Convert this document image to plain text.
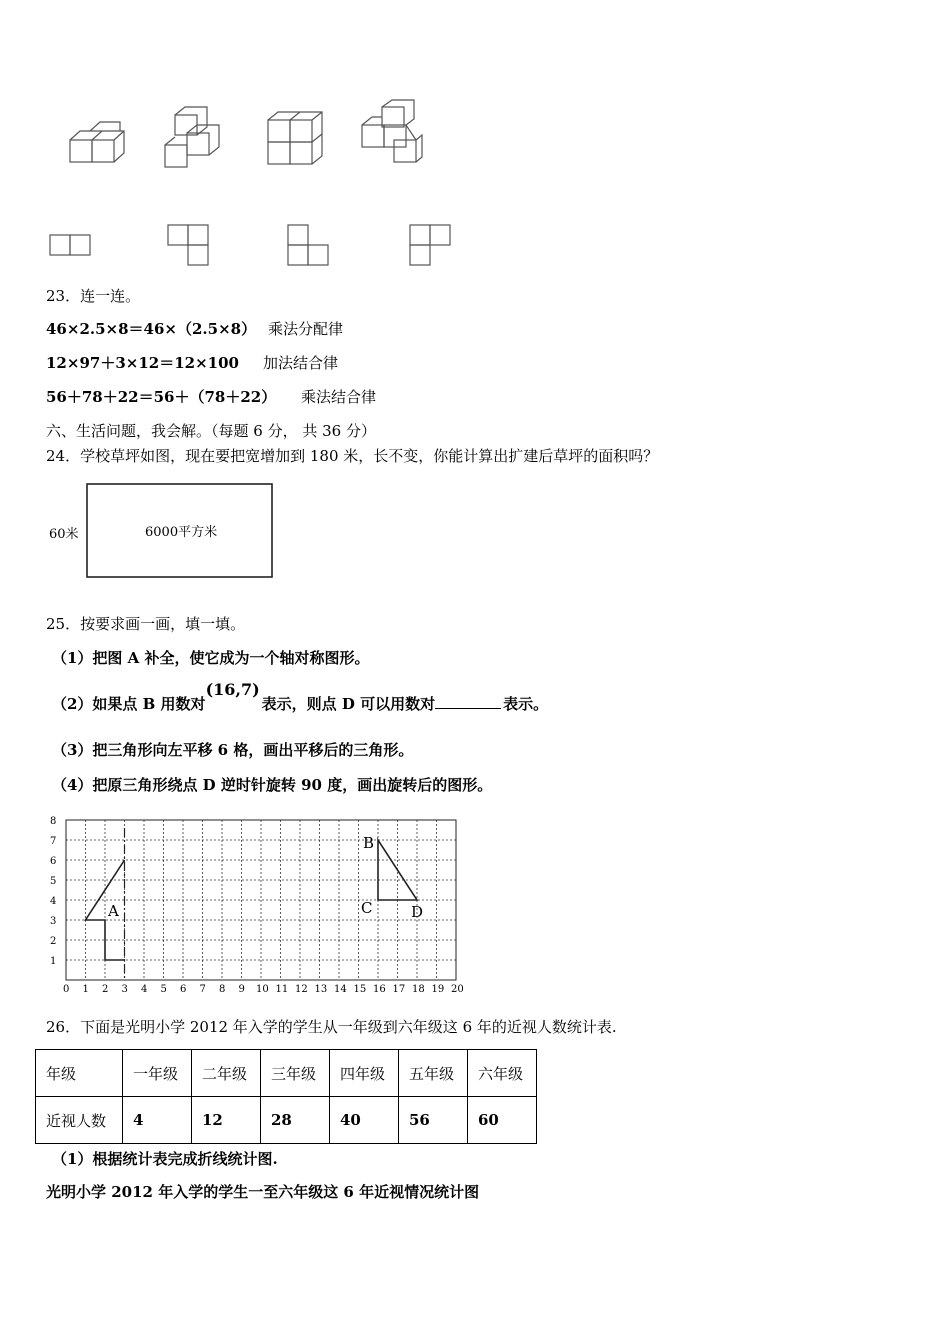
23．连一连。
46×2.5×8＝46×（2.5×8） 乘法分配律
12×97＋3×12＝12×100 加法结合律
56＋78＋22＝56＋（78＋22） 乘法结合律
六、生活问题，我会解。（每题 6 分， 共 36 分）
24．学校草坪如图，现在要把宽增加到 180 米，长不变，你能计算出扩建后草坪的面积吗？
60米	6000平方米
25．按要求画一画，填一填。
（1）把图 A 补全，使它成为一个轴对称图形。
（2）如果点 B 用数对(16,7)表示，则点 D 可以用数对	表示。
（3）把三角形向左平移 6 格，画出平移后的三角形。
（4）把原三角形绕点 D 逆时针旋转 90 度，画出旋转后的图形。
0 1 2 3 4 5 6 7 8 9 10 11 12 13 14 15 16 17 18 19 20
1
2
3
4
5
6
7
8
A
B
C	D
26．下面是光明小学 2012 年入学的学生从一年级到六年级这 6 年的近视人数统计表.
年级	一年级	二年级	三年级	四年级	五年级	六年级
近视人数	4	12	28	40	56	60
（1）根据统计表完成折线统计图.
光明小学 2012 年入学的学生一至六年级这 6 年近视情况统计图
